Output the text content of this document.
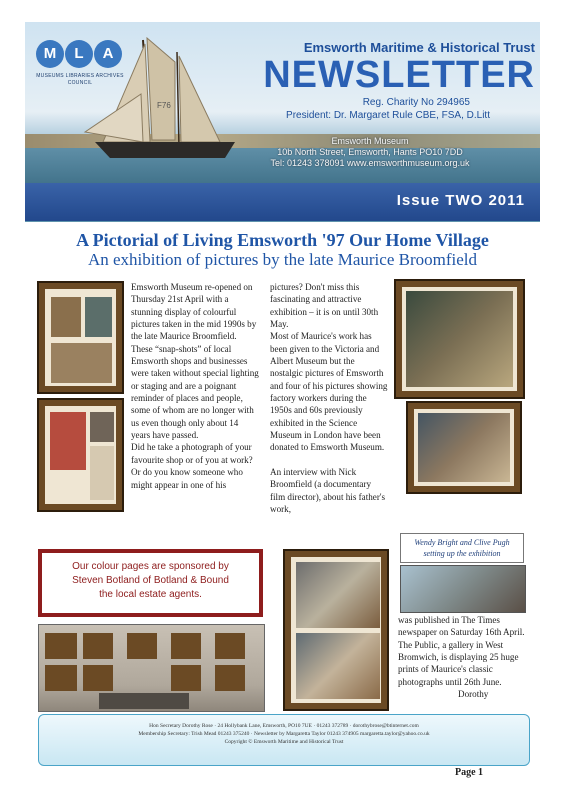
F76
M	L	A
MUSEUMS LIBRARIES ARCHIVES
COUNCIL
Emsworth Maritime & Historical Trust
NEWSLETTER
Reg. Charity No 294965
President: Dr. Margaret Rule CBE, FSA, D.Litt
Emsworth Museum
10b North Street, Emsworth, Hants PO10 7DD
Tel: 01243 378091 www.emsworthmuseum.org.uk
Issue TWO 2011
A Pictorial of Living Emsworth '97 Our Home Village
An exhibition of pictures by the late Maurice Broomfield

Emsworth Museum re-opened on Thursday 21st April with a stunning display of colourful pictures taken in the mid 1990s by the late Maurice Broomfield. These “snap-shots” of local Emsworth shops and businesses were taken without special lighting or staging and are a poignant reminder of places and people, some of whom are no longer with us even though only about 14 years have passed.

Did he take a photograph of your favourite shop or of you at work? Or do you know someone who might appear in one of his

pictures? Don't miss this fascinating and attractive exhibition – it is on until 30th May.

Most of Maurice's work has been given to the Victoria and Albert Museum but the nostalgic pictures of Emsworth and four of his pictures showing factory workers during the 1950s and 60s previously exhibited in the Science Museum in London have been donated to Emsworth Museum.

An interview with Nick Broomfield (a documentary film director), about his father's work,

Wendy Bright and Clive Pugh
setting up the exhibition
Our colour pages are sponsored by
Steven Botland of Botland & Bound
the local estate agents.

was published in The Times newspaper on Saturday 16th April. The Public, a gallery in West Bromwich, is displaying 25 huge prints of Maurice's classic photographs until 26th June.

Dorothy

Hon Secretary Dorothy Rose · 24 Hollybank Lane, Emsworth, PO10 7UE · 01243 372789 · dorothybrose@btinternet.com
Membership Secretary: Trish Mead 01243 375240 · Newsletter by Margaretta Taylor 01243 374905 margaretta.taylor@yahoo.co.uk
Copyright © Emsworth Maritime and Historical Trust
Page 1
